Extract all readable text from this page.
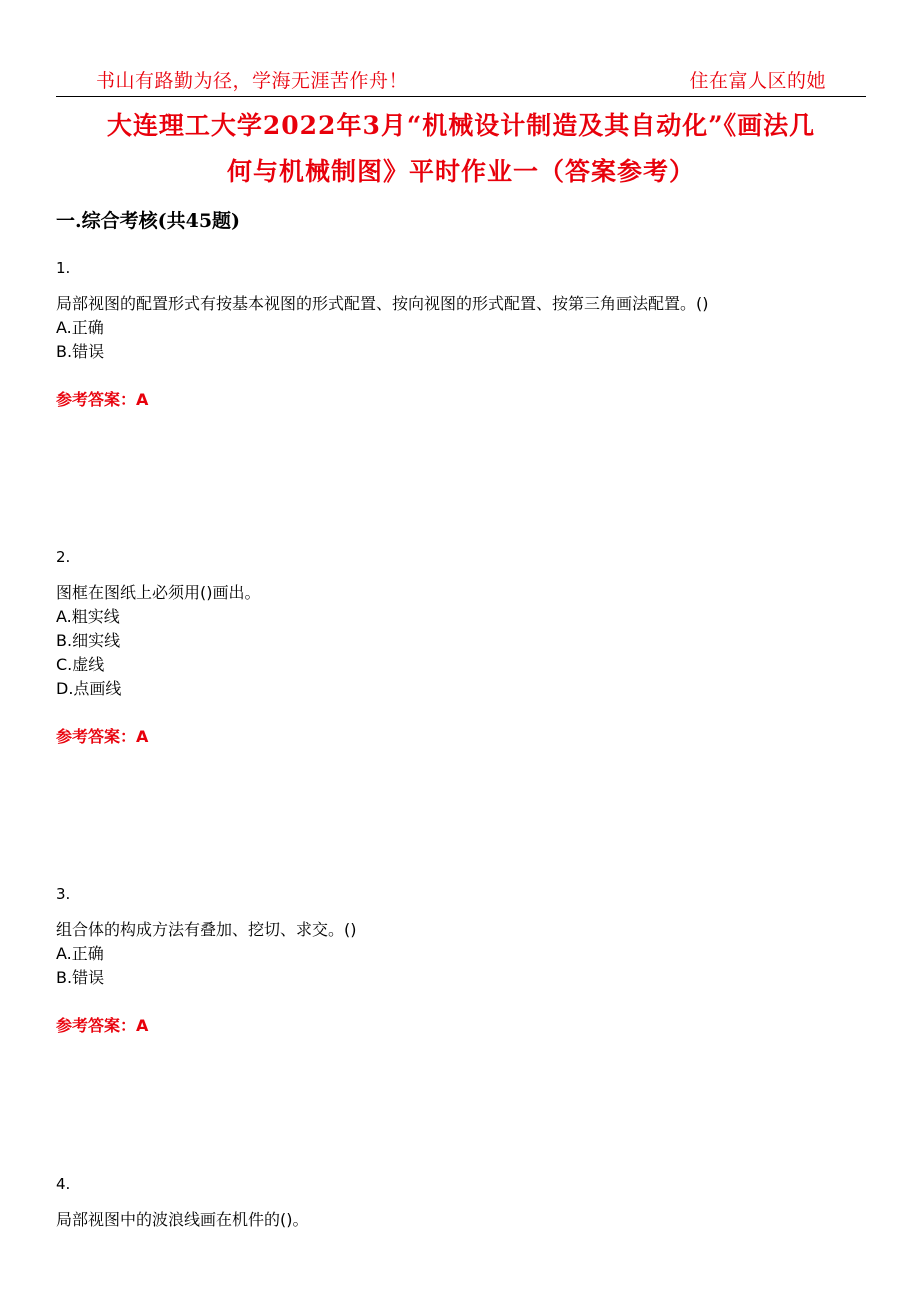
书山有路勤为径，学海无涯苦作舟！	住在富人区的她
大连理工大学2022年3月“机械设计制造及其自动化”《画法几
何与机械制图》平时作业一（答案参考）
一.综合考核(共45题)
1.
局部视图的配置形式有按基本视图的形式配置、按向视图的形式配置、按第三角画法配置。()
A.正确
B.错误
参考答案：A
2.
图框在图纸上必须用()画出。
A.粗实线
B.细实线
C.虚线
D.点画线
参考答案：A
3.
组合体的构成方法有叠加、挖切、求交。()
A.正确
B.错误
参考答案：A
4.
局部视图中的波浪线画在机件的()。
